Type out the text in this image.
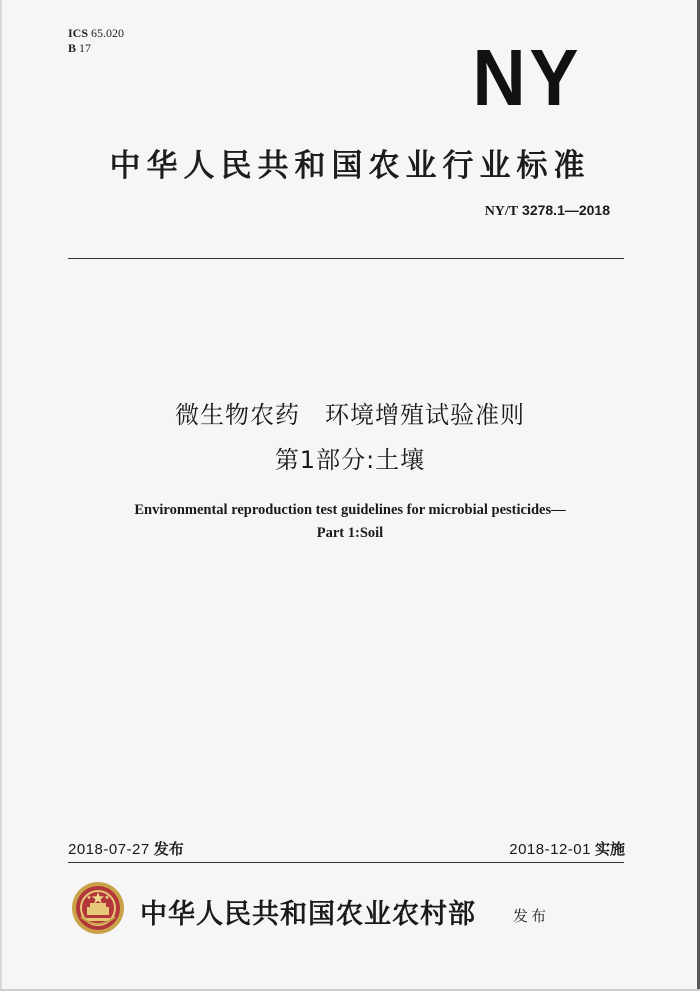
ICS 65.020
B 17	NY
中华人民共和国农业行业标准
NY/T 3278.1—2018
微生物农药　环境增殖试验准则
第1部分:土壤
Environmental reproduction test guidelines for microbial pesticides—
Part 1:Soil
2018-07-27 发布	2018-12-01 实施
中华人民共和国农业农村部 发布
